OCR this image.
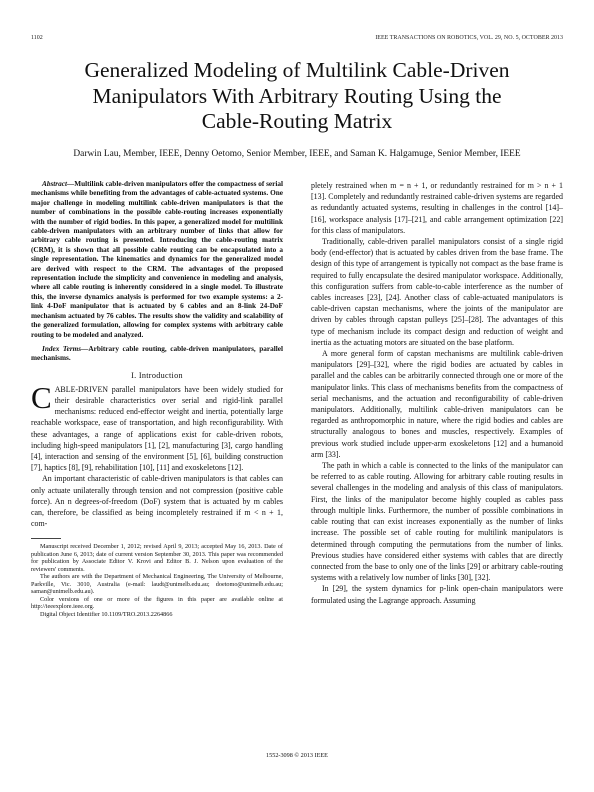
1102	IEEE TRANSACTIONS ON ROBOTICS, VOL. 29, NO. 5, OCTOBER 2013
Generalized Modeling of Multilink Cable-Driven
Manipulators With Arbitrary Routing Using the
Cable-Routing Matrix
Darwin Lau, Member, IEEE, Denny Oetomo, Senior Member, IEEE, and Saman K. Halgamuge, Senior Member, IEEE

Abstract—Multilink cable-driven manipulators offer the compactness of serial mechanisms while benefiting from the advantages of cable-actuated systems. One major challenge in modeling multilink cable-driven manipulators is that the number of combinations in the possible cable-routing increases exponentially with the number of rigid bodies. In this paper, a generalized model for multilink cable-driven manipulators with an arbitrary number of links that allow for arbitrary cable routing is presented. Introducing the cable-routing matrix (CRM), it is shown that all possible cable routing can be encapsulated into a single representation. The kinematics and dynamics for the generalized model are derived with respect to the CRM. The advantages of the proposed representation include the simplicity and convenience in modeling and analysis, where all cable routing is inherently considered in a single model. To illustrate this, the inverse dynamics analysis is performed for two example systems: a 2-link 4-DoF manipulator that is actuated by 6 cables and an 8-link 24-DoF mechanism actuated by 76 cables. The results show the validity and scalability of the generalized formulation, allowing for complex systems with arbitrary cable routing to be modeled and analyzed.

Index Terms—Arbitrary cable routing, cable-driven manipulators, parallel mechanisms.

I. Introduction

CABLE-DRIVEN parallel manipulators have been widely studied for their desirable characteristics over serial and rigid-link parallel mechanisms: reduced end-effector weight and inertia, potentially large reachable workspace, ease of transportation, and high reconfigurability. With these advantages, a range of applications exist for cable-driven robots, including high-speed manipulators [1], [2], manufacturing [3], cargo handling [4], interaction and sensing of the environment [5], [6], building construction [7], haptics [8], [9], rehabilitation [10], [11] and exoskeletons [12].

An important characteristic of cable-driven manipulators is that cables can only actuate unilaterally through tension and not compression (positive cable force). An n degrees-of-freedom (DoF) system that is actuated by m cables can, therefore, be classified as being incompletely restrained if m < n + 1, com-

Manuscript received December 1, 2012; revised April 9, 2013; accepted May 16, 2013. Date of publication June 6, 2013; date of current version September 30, 2013. This paper was recommended for publication by Associate Editor V. Krovi and Editor B. J. Nelson upon evaluation of the reviewers' comments.

The authors are with the Department of Mechanical Engineering, The University of Melbourne, Parkville, Vic. 3010, Australia (e-mail: laudt@unimelb.edu.au; doetomo@unimelb.edu.au; saman@unimelb.edu.au).

Color versions of one or more of the figures in this paper are available online at http://ieeexplore.ieee.org.

Digital Object Identifier 10.1109/TRO.2013.2264866

pletely restrained when m = n + 1, or redundantly restrained for m > n + 1 [13]. Completely and redundantly restrained cable-driven systems are regarded as redundantly actuated systems, resulting in challenges in the control [14]–[16], workspace analysis [17]–[21], and cable arrangement optimization [22] for this class of manipulators.

Traditionally, cable-driven parallel manipulators consist of a single rigid body (end-effector) that is actuated by cables driven from the base frame. The design of this type of arrangement is typically not compact as the base frame is required to fully encapsulate the desired manipulator workspace. Additionally, this configuration suffers from cable-to-cable interference as the number of cables increases [23], [24]. Another class of cable-actuated manipulators is cable-driven capstan mechanisms, where the joints of the manipulator are driven by cables through capstan pulleys [25]–[28]. The advantages of this type of mechanism include its compact design and reduction of weight and inertia as the actuating motors are situated on the base platform.

A more general form of capstan mechanisms are multilink cable-driven manipulators [29]–[32], where the rigid bodies are actuated by cables in parallel and the cables can be arbitrarily connected through one or more of the manipulator links. This class of mechanisms benefits from the compactness of serial mechanisms, and the actuation and reconfigurability of cable-driven manipulators. Additionally, multilink cable-driven manipulators can be regarded as anthropomorphic in nature, where the rigid bodies and cables are structurally analogous to bones and muscles, respectively. Examples of previous work studied include upper-arm exoskeletons [12] and a humanoid arm [33].

The path in which a cable is connected to the links of the manipulator can be referred to as cable routing. Allowing for arbitrary cable routing results in several challenges in the modeling and analysis of this class of manipulators. First, the links of the manipulator become highly coupled as cables pass through multiple links. Furthermore, the number of possible combinations in cable routing that can exist increases exponentially as the number of links increase. The possible set of cable routing for multilink manipulators is determined through computing the permutations from the number of links. Previous studies have considered either systems with cables that are directly connected from the base to only one of the links [29] or arbitrary cable-routing systems with a relatively low number of links [30], [32].

In [29], the system dynamics for p-link open-chain manipulators were formulated using the Lagrange approach. Assuming

1552-3098 © 2013 IEEE
